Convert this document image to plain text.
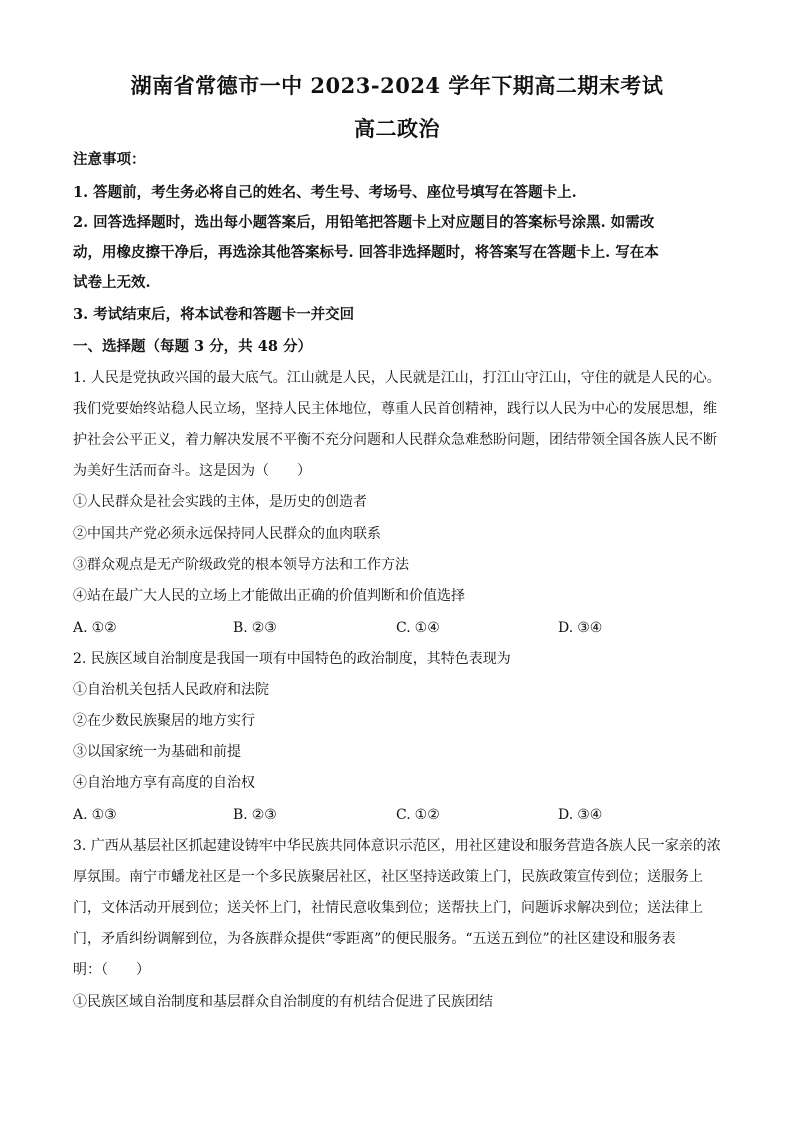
湖南省常德市一中 2023-2024 学年下期高二期末考试
高二政治
注意事项：
1. 答题前，考生务必将自己的姓名、考生号、考场号、座位号填写在答题卡上.
2. 回答选择题时，选出每小题答案后，用铅笔把答题卡上对应题目的答案标号涂黑. 如需改
动，用橡皮擦干净后，再选涂其他答案标号. 回答非选择题时，将答案写在答题卡上. 写在本
试卷上无效.
3. 考试结束后，将本试卷和答题卡一并交回
一、选择题（每题 3 分，共 48 分）
1. 人民是党执政兴国的最大底气。江山就是人民，人民就是江山，打江山守江山，守住的就是人民的心。
我们党要始终站稳人民立场，坚持人民主体地位，尊重人民首创精神，践行以人民为中心的发展思想，维
护社会公平正义，着力解决发展不平衡不充分问题和人民群众急难愁盼问题，团结带领全国各族人民不断
为美好生活而奋斗。这是因为（　　）
①人民群众是社会实践的主体，是历史的创造者
②中国共产党必须永远保持同人民群众的血肉联系
③群众观点是无产阶级政党的根本领导方法和工作方法
④站在最广大人民的立场上才能做出正确的价值判断和价值选择
A. ①②	B. ②③	C. ①④	D. ③④
2. 民族区域自治制度是我国一项有中国特色的政治制度，其特色表现为
①自治机关包括人民政府和法院
②在少数民族聚居的地方实行
③以国家统一为基础和前提
④自治地方享有高度的自治权
A. ①③	B. ②③	C. ①②	D. ③④
3. 广西从基层社区抓起建设铸牢中华民族共同体意识示范区，用社区建设和服务营造各族人民一家亲的浓
厚氛围。南宁市蟠龙社区是一个多民族聚居社区，社区坚持送政策上门，民族政策宣传到位；送服务上
门，文体活动开展到位；送关怀上门，社情民意收集到位；送帮扶上门，问题诉求解决到位；送法律上
门，矛盾纠纷调解到位，为各族群众提供“零距离”的便民服务。“五送五到位”的社区建设和服务表
明：（　　）
①民族区域自治制度和基层群众自治制度的有机结合促进了民族团结
